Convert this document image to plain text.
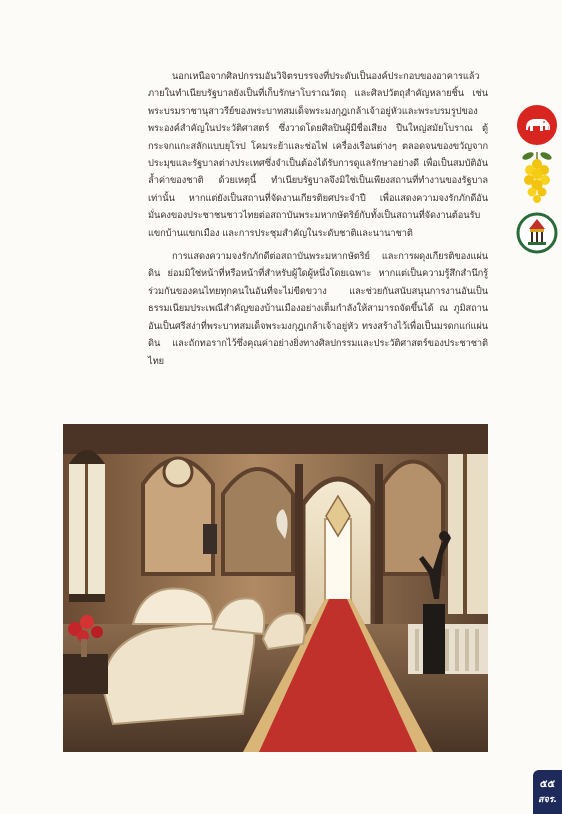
นอกเหนือจากศิลปกรรมอันวิจิตรบรรจงที่ประดับเป็นองค์ประกอบของอาคารแล้ว ภายในทำเนียบรัฐบาลยังเป็นที่เก็บรักษาโบราณวัตถุ และศิลปวัตถุสำคัญหลายชิ้น เช่น พระบรมราชานุสาวรีย์ของพระบาทสมเด็จพระมงกุฎเกล้าเจ้าอยู่หัวและพระบรมรูปของพระองค์สำคัญในประวัติศาสตร์ ซึ่งวาดโดยศิลปินผู้มีชื่อเสียง ปืนใหญ่สมัยโบราณ ตู้กระจกแกะสลักแบบยุโรป โคมระย้าและช่อไฟ เครื่องเรือนต่างๆ ตลอดจนของขวัญจากประมุขและรัฐบาลต่างประเทศซึ่งจำเป็นต้องได้รับการดูแลรักษาอย่างดี เพื่อเป็นสมบัติอันล้ำค่าของชาติ ด้วยเหตุนี้ ทำเนียบรัฐบาลจึงมิใช่เป็นเพียงสถานที่ทำงานของรัฐบาลเท่านั้น หากแต่ยังเป็นสถานที่จัดงานเกียรติยศประจำปี เพื่อแสดงความจงรักภักดีอันมั่นคงของประชาชนชาวไทยต่อสถาบันพระมหากษัตริย์กับทั้งเป็นสถานที่จัดงานต้อนรับแขกบ้านแขกเมือง และการประชุมสำคัญในระดับชาติและนานาชาติ

การแสดงความจงรักภักดีต่อสถาบันพระมหากษัตริย์ และการผดุงเกียรติของแผ่นดิน ย่อมมิใช่หน้าที่หรือหน้าที่สำหรับผู้ใดผู้หนึ่งโดยเฉพาะ หากแต่เป็นความรู้สึกสำนึกรู้ร่วมกันของคนไทยทุกคนในอันที่จะไม่ขีดขวาง และช่วยกันสนับสนุนการงานอันเป็นธรรมเนียมประเพณีสำคัญของบ้านเมืองอย่างเต็มกำลังให้สามารถจัดขึ้นได้ ณ ภูมิสถานอันเป็นศรีสง่าที่พระบาทสมเด็จพระมงกุฎเกล้าเจ้าอยู่หัว ทรงสร้างไว้เพื่อเป็นมรดกแก่แผ่นดิน และถักทอรากไว้ซึ่งคุณค่าอย่างยิ่งทางศิลปกรรมและประวัติศาสตร์ของประชาชาติไทย

๕๕
สจร.
